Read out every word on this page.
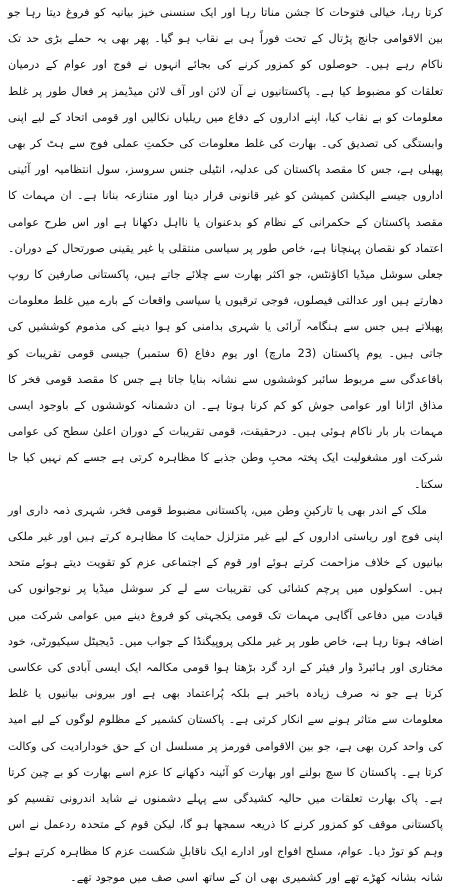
کرتا رہا، خیالی فتوحات کا جشن مناتا رہا اور ایک سنسنی خیز بیانیہ کو فروغ دیتا رہا جو بین الاقوامی جانچ پڑتال کے تحت فوراً ہی بے نقاب ہو گیا۔ پھر بھی یہ حملے بڑی حد تک ناکام رہے ہیں۔ حوصلوں کو کمزور کرنے کی بجائے انہوں نے فوج اور عوام کے درمیان تعلقات کو مضبوط کیا ہے۔ پاکستانیوں نے آن لائن اور آف لائن میڈیمز پر فعال طور پر غلط معلومات کو بے نقاب کیا، اپنے اداروں کے دفاع میں ریلیاں نکالیں اور قومی اتحاد کے لیے اپنی وابستگی کی تصدیق کی۔ بھارت کی غلط معلومات کی حکمتِ عملی فوج سے ہٹ کر بھی پھیلی ہے، جس کا مقصد پاکستان کی عدلیہ، انٹیلی جنس سروسز، سول انتظامیہ اور آئینی اداروں جیسے الیکشن کمیشن کو غیر قانونی قرار دینا اور متنازعہ بنانا ہے۔ ان مہمات کا مقصد پاکستان کے حکمرانی کے نظام کو بدعنوان یا نااہل دکھانا ہے اور اس طرح عوامی اعتماد کو نقصان پہنچانا ہے، خاص طور پر سیاسی منتقلی یا غیر یقینی صورتحال کے دوران۔ جعلی سوشل میڈیا اکاؤنٹس، جو اکثر بھارت سے چلائے جاتے ہیں، پاکستانی صارفین کا روپ دھارتے ہیں اور عدالتی فیصلوں، فوجی ترقیوں یا سیاسی واقعات کے بارے میں غلط معلومات پھیلاتے ہیں جس سے ہنگامہ آرائی یا شہری بدامنی کو ہوا دینے کی مذموم کوششیں کی جاتی ہیں۔ یوم پاکستان (23 مارچ) اور یوم دفاع (6 ستمبر) جیسی قومی تقریبات کو باقاعدگی سے مربوط سائبر کوششوں سے نشانہ بنایا جاتا ہے جس کا مقصد قومی فخر کا مذاق اڑانا اور عوامی جوش کو کم کرنا ہوتا ہے۔ ان دشمنانہ کوششوں کے باوجود ایسی مہمات بار بار ناکام ہوئی ہیں۔ درحقیقت، قومی تقریبات کے دوران اعلیٰ سطح کی عوامی شرکت اور مشغولیت ایک پختہ محبِ وطن جذبے کا مظاہرہ کرتی ہے جسے کم نہیں کیا جا سکتا۔

ملک کے اندر بھی یا تارکینِ وطن میں، پاکستانی مضبوط قومی فخر، شہری ذمہ داری اور اپنی فوج اور ریاستی اداروں کے لیے غیر متزلزل حمایت کا مظاہرہ کرتے ہیں اور غیر ملکی بیانیوں کے خلاف مزاحمت کرتے ہوئے اور قوم کے اجتماعی عزم کو تقویت دیتے ہوئے متحد ہیں۔ اسکولوں میں پرچم کشائی کی تقریبات سے لے کر سوشل میڈیا پر نوجوانوں کی قیادت میں دفاعی آگاہی مہمات تک قومی یکجہتی کو فروغ دینے میں عوامی شرکت میں اضافہ ہوتا رہا ہے، خاص طور پر غیر ملکی پروپیگنڈا کے جواب میں۔ ڈیجیٹل سیکیورٹی، خود مختاری اور ہائبرڈ وار فیئر کے ارد گرد بڑھتا ہوا قومی مکالمہ ایک ایسی آبادی کی عکاسی کرتا ہے جو نہ صرف زیادہ باخبر ہے بلکہ پُراعتماد بھی ہے اور بیرونی بیانیوں یا غلط معلومات سے متاثر ہونے سے انکار کرتی ہے۔ پاکستان کشمیر کے مظلوم لوگوں کے لیے امید کی واحد کرن بھی ہے، جو بین الاقوامی فورمز پر مسلسل ان کے حق خودارادیت کی وکالت کرتا ہے۔ پاکستان کا سچ بولنے اور بھارت کو آئینہ دکھانے کا عزم اسے بھارت کو بے چین کرتا ہے۔ پاک بھارت تعلقات میں حالیہ کشیدگی سے پہلے دشمنوں نے شاید اندرونی تقسیم کو پاکستانی موقف کو کمزور کرنے کا ذریعہ سمجھا ہو گا، لیکن قوم کے متحدہ ردعمل نے اس وہم کو توڑ دیا۔ عوام، مسلح افواج اور ادارے ایک ناقابلِ شکست عزم کا مظاہرہ کرتے ہوئے شانہ بشانہ کھڑے تھے اور کشمیری بھی ان کے ساتھ اسی صف میں موجود تھے۔
